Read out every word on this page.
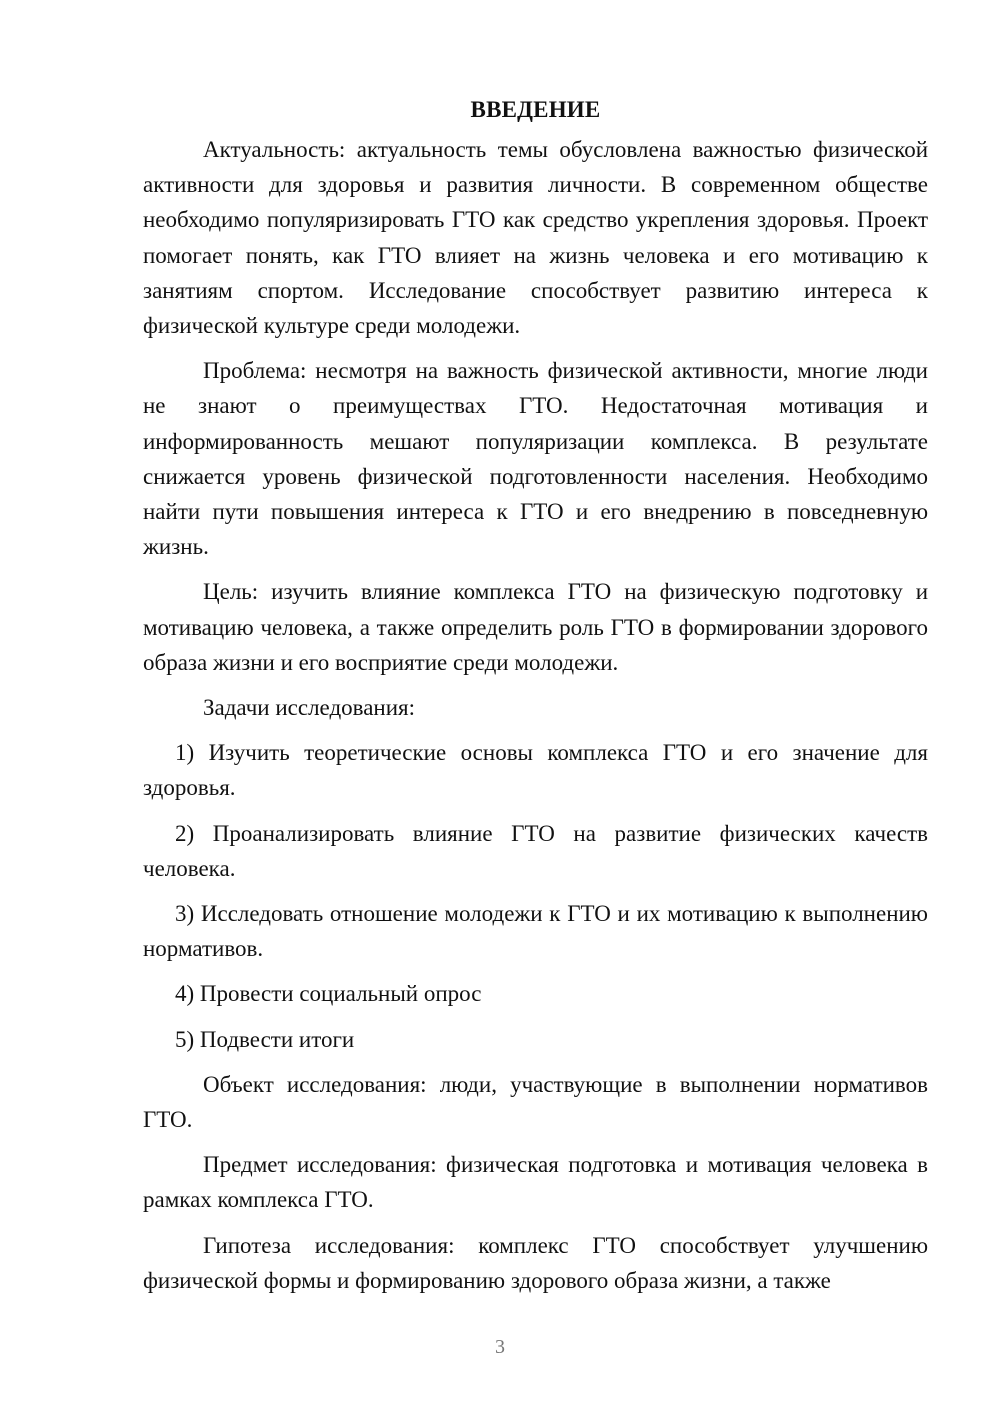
ВВЕДЕНИЕ

Актуальность: актуальность темы обусловлена важностью физической активности для здоровья и развития личности. В современном обществе необходимо популяризировать ГТО как средство укрепления здоровья. Проект помогает понять, как ГТО влияет на жизнь человека и его мотивацию к занятиям спортом. Исследование способствует развитию интереса к физической культуре среди молодежи.

Проблема: несмотря на важность физической активности, многие люди не знают о преимуществах ГТО. Недостаточная мотивация и информированность мешают популяризации комплекса. В результате снижается уровень физической подготовленности населения. Необходимо найти пути повышения интереса к ГТО и его внедрению в повседневную жизнь.

Цель: изучить влияние комплекса ГТО на физическую подготовку и мотивацию человека, а также определить роль ГТО в формировании здорового образа жизни и его восприятие среди молодежи.

Задачи исследования:

1) Изучить теоретические основы комплекса ГТО и его значение для здоровья.

2) Проанализировать влияние ГТО на развитие физических качеств человека.

3) Исследовать отношение молодежи к ГТО и их мотивацию к выполнению нормативов.

4) Провести социальный опрос

5) Подвести итоги

Объект исследования: люди, участвующие в выполнении нормативов ГТО.

Предмет исследования: физическая подготовка и мотивация человека в рамках комплекса ГТО.

Гипотеза исследования: комплекс ГТО способствует улучшению физической формы и формированию здорового образа жизни, а также

3
